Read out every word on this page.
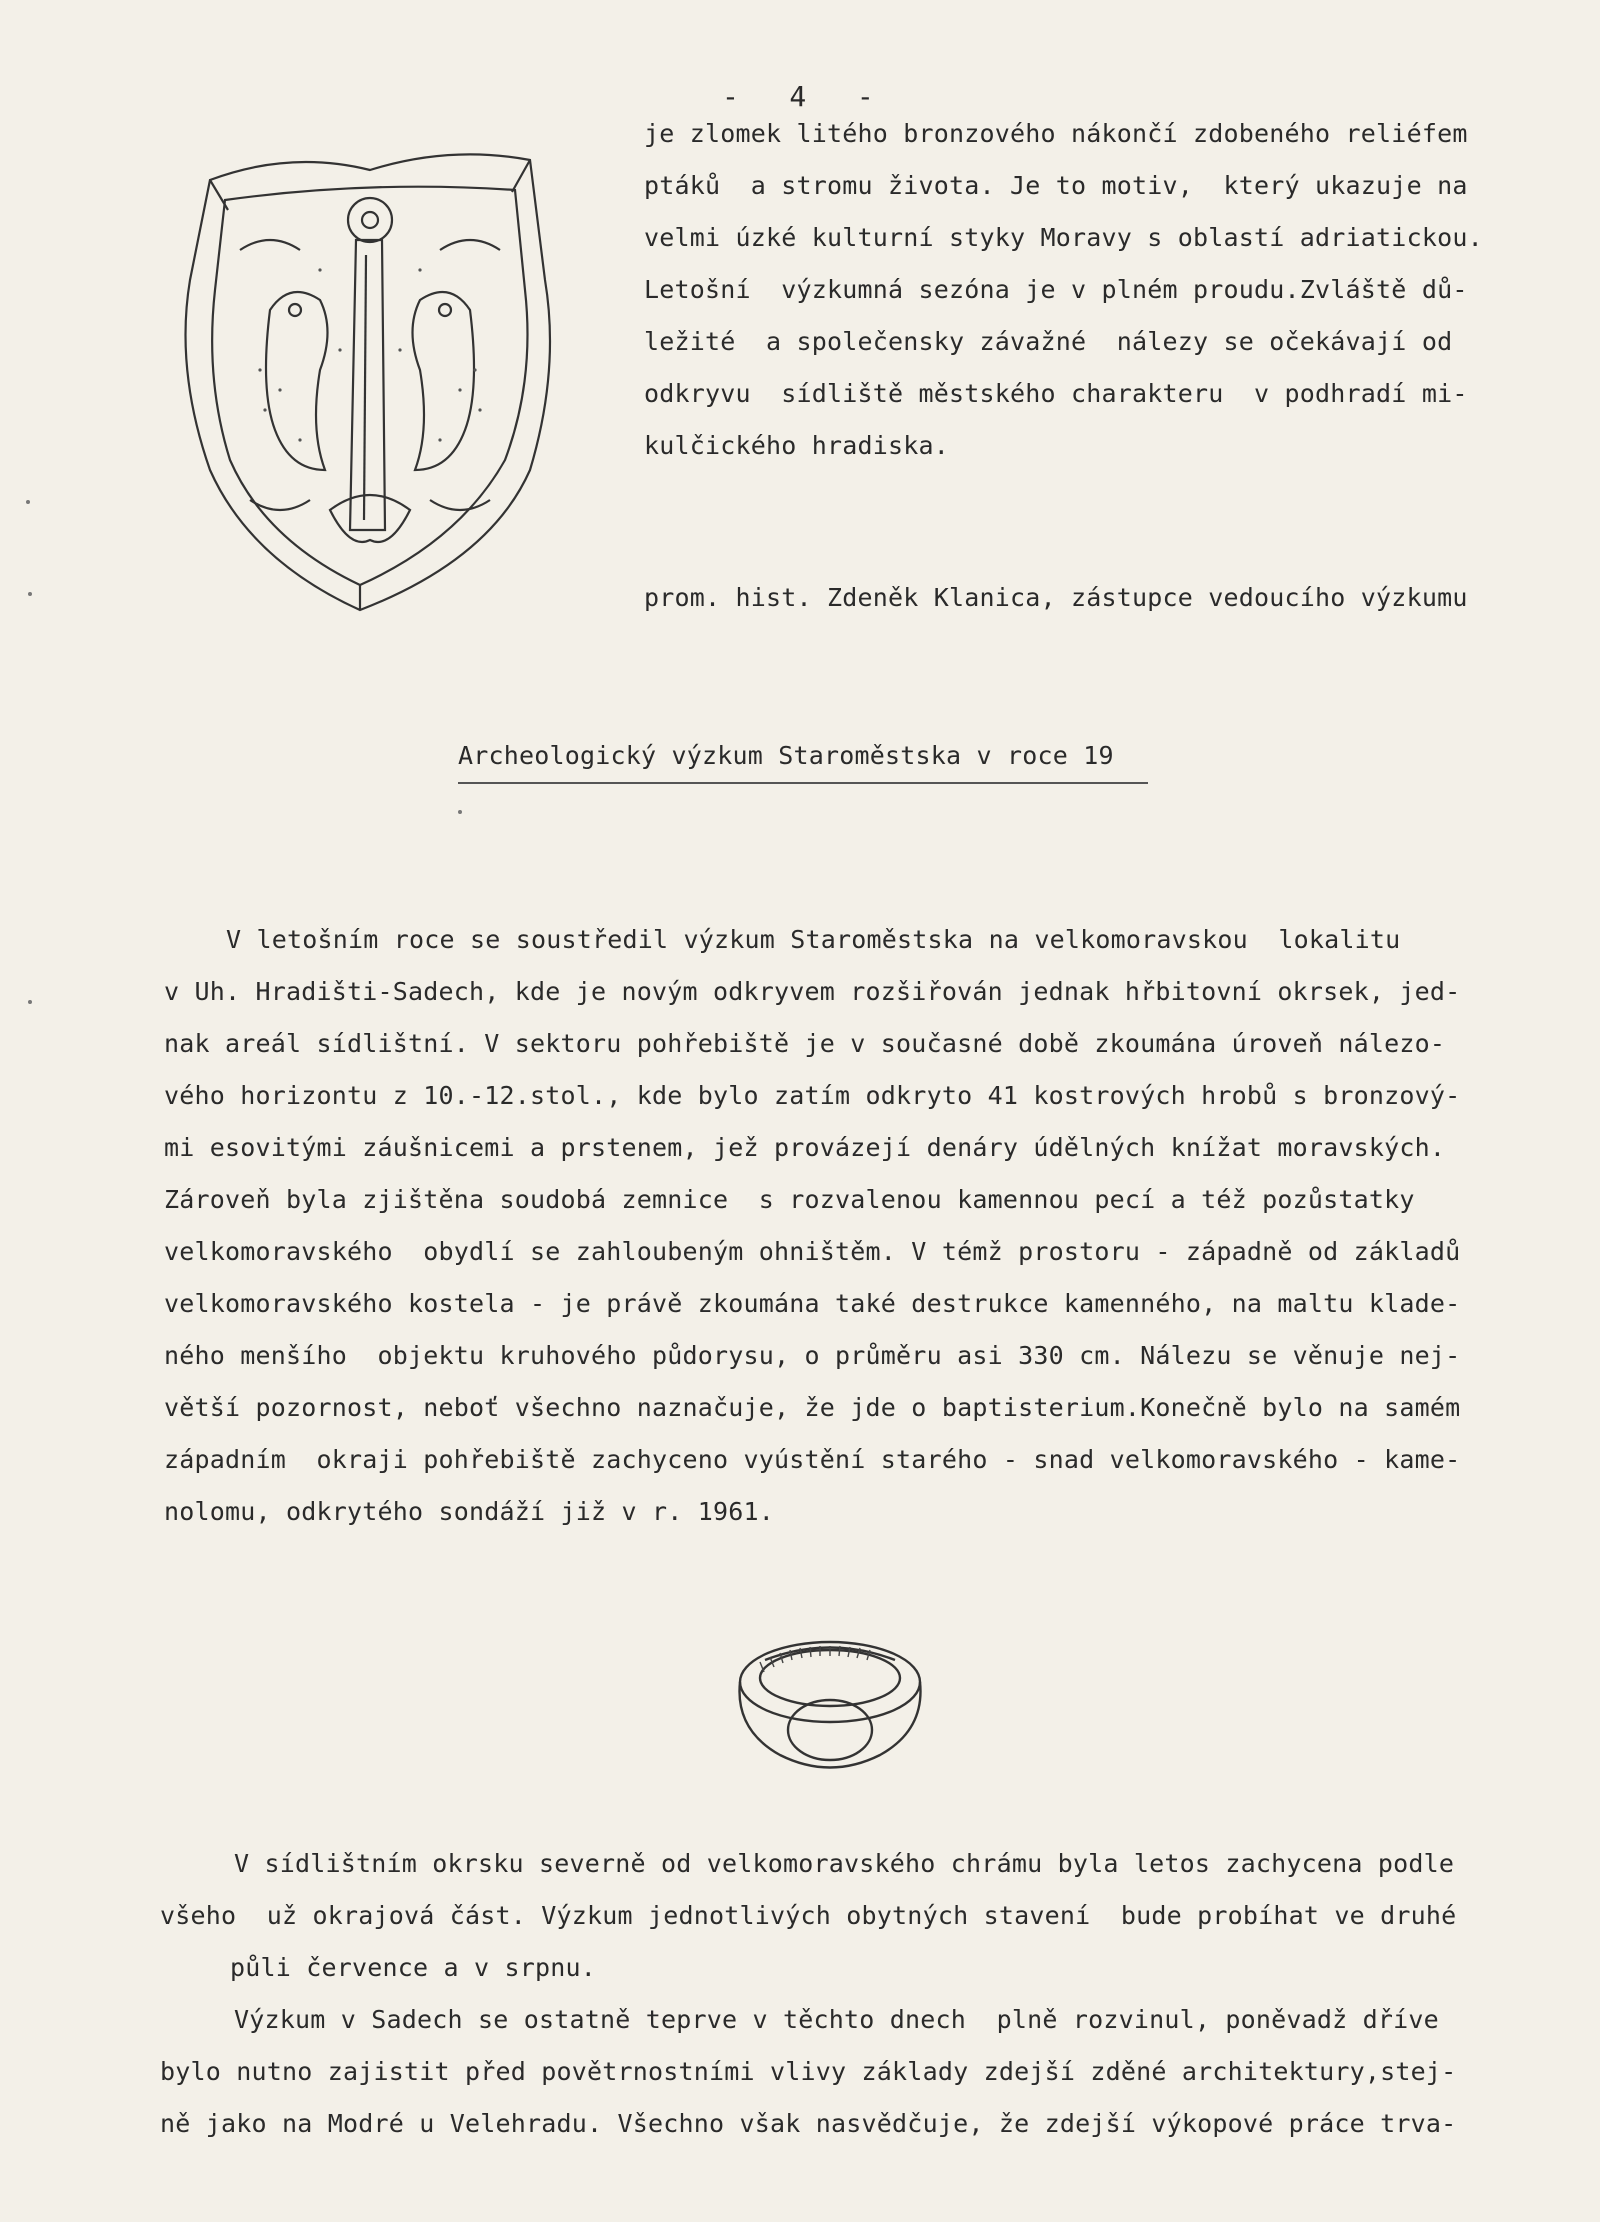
-   4   -
je zlomek litého bronzového nákončí zdobeného reliéfem
ptáků  a stromu života. Je to motiv,  který ukazuje na
velmi úzké kulturní styky Moravy s oblastí adriatickou.
Letošní  výzkumná sezóna je v plném proudu.Zvláště dů-
ležité  a společensky závažné  nálezy se očekávají od
odkryvu  sídliště městského charakteru  v podhradí mi-
kulčického hradiska.
prom. hist. Zdeněk Klanica, zástupce vedoucího výzkumu
Archeologický výzkum Staroměstska v roce 19
V letošním roce se soustředil výzkum Staroměstska na velkomoravskou  lokalitu
v Uh. Hradišti-Sadech, kde je novým odkryvem rozšiřován jednak hřbitovní okrsek, jed-
nak areál sídlištní. V sektoru pohřebiště je v současné době zkoumána úroveň nálezo-
vého horizontu z 10.-12.stol., kde bylo zatím odkryto 41 kostrových hrobů s bronzový-
mi esovitými záušnicemi a prstenem, jež provázejí denáry údělných knížat moravských.
Zároveň byla zjištěna soudobá zemnice  s rozvalenou kamennou pecí a též pozůstatky
velkomoravského  obydlí se zahloubeným ohništěm. V témž prostoru - západně od základů
velkomoravského kostela - je právě zkoumána také destrukce kamenného, na maltu klade-
ného menšího  objektu kruhového půdorysu, o průměru asi 330 cm. Nálezu se věnuje nej-
větší pozornost, neboť všechno naznačuje, že jde o baptisterium.Konečně bylo na samém
západním  okraji pohřebiště zachyceno vyústění starého - snad velkomoravského - kame-
nolomu, odkrytého sondáží již v r. 1961.
V sídlištním okrsku severně od velkomoravského chrámu byla letos zachycena podle
všeho  už okrajová část. Výzkum jednotlivých obytných stavení  bude probíhat ve druhé
půli července a v srpnu.
Výzkum v Sadech se ostatně teprve v těchto dnech  plně rozvinul, poněvadž dříve
bylo nutno zajistit před povětrnostními vlivy základy zdejší zděné architektury,stej-
ně jako na Modré u Velehradu. Všechno však nasvědčuje, že zdejší výkopové práce trva-
